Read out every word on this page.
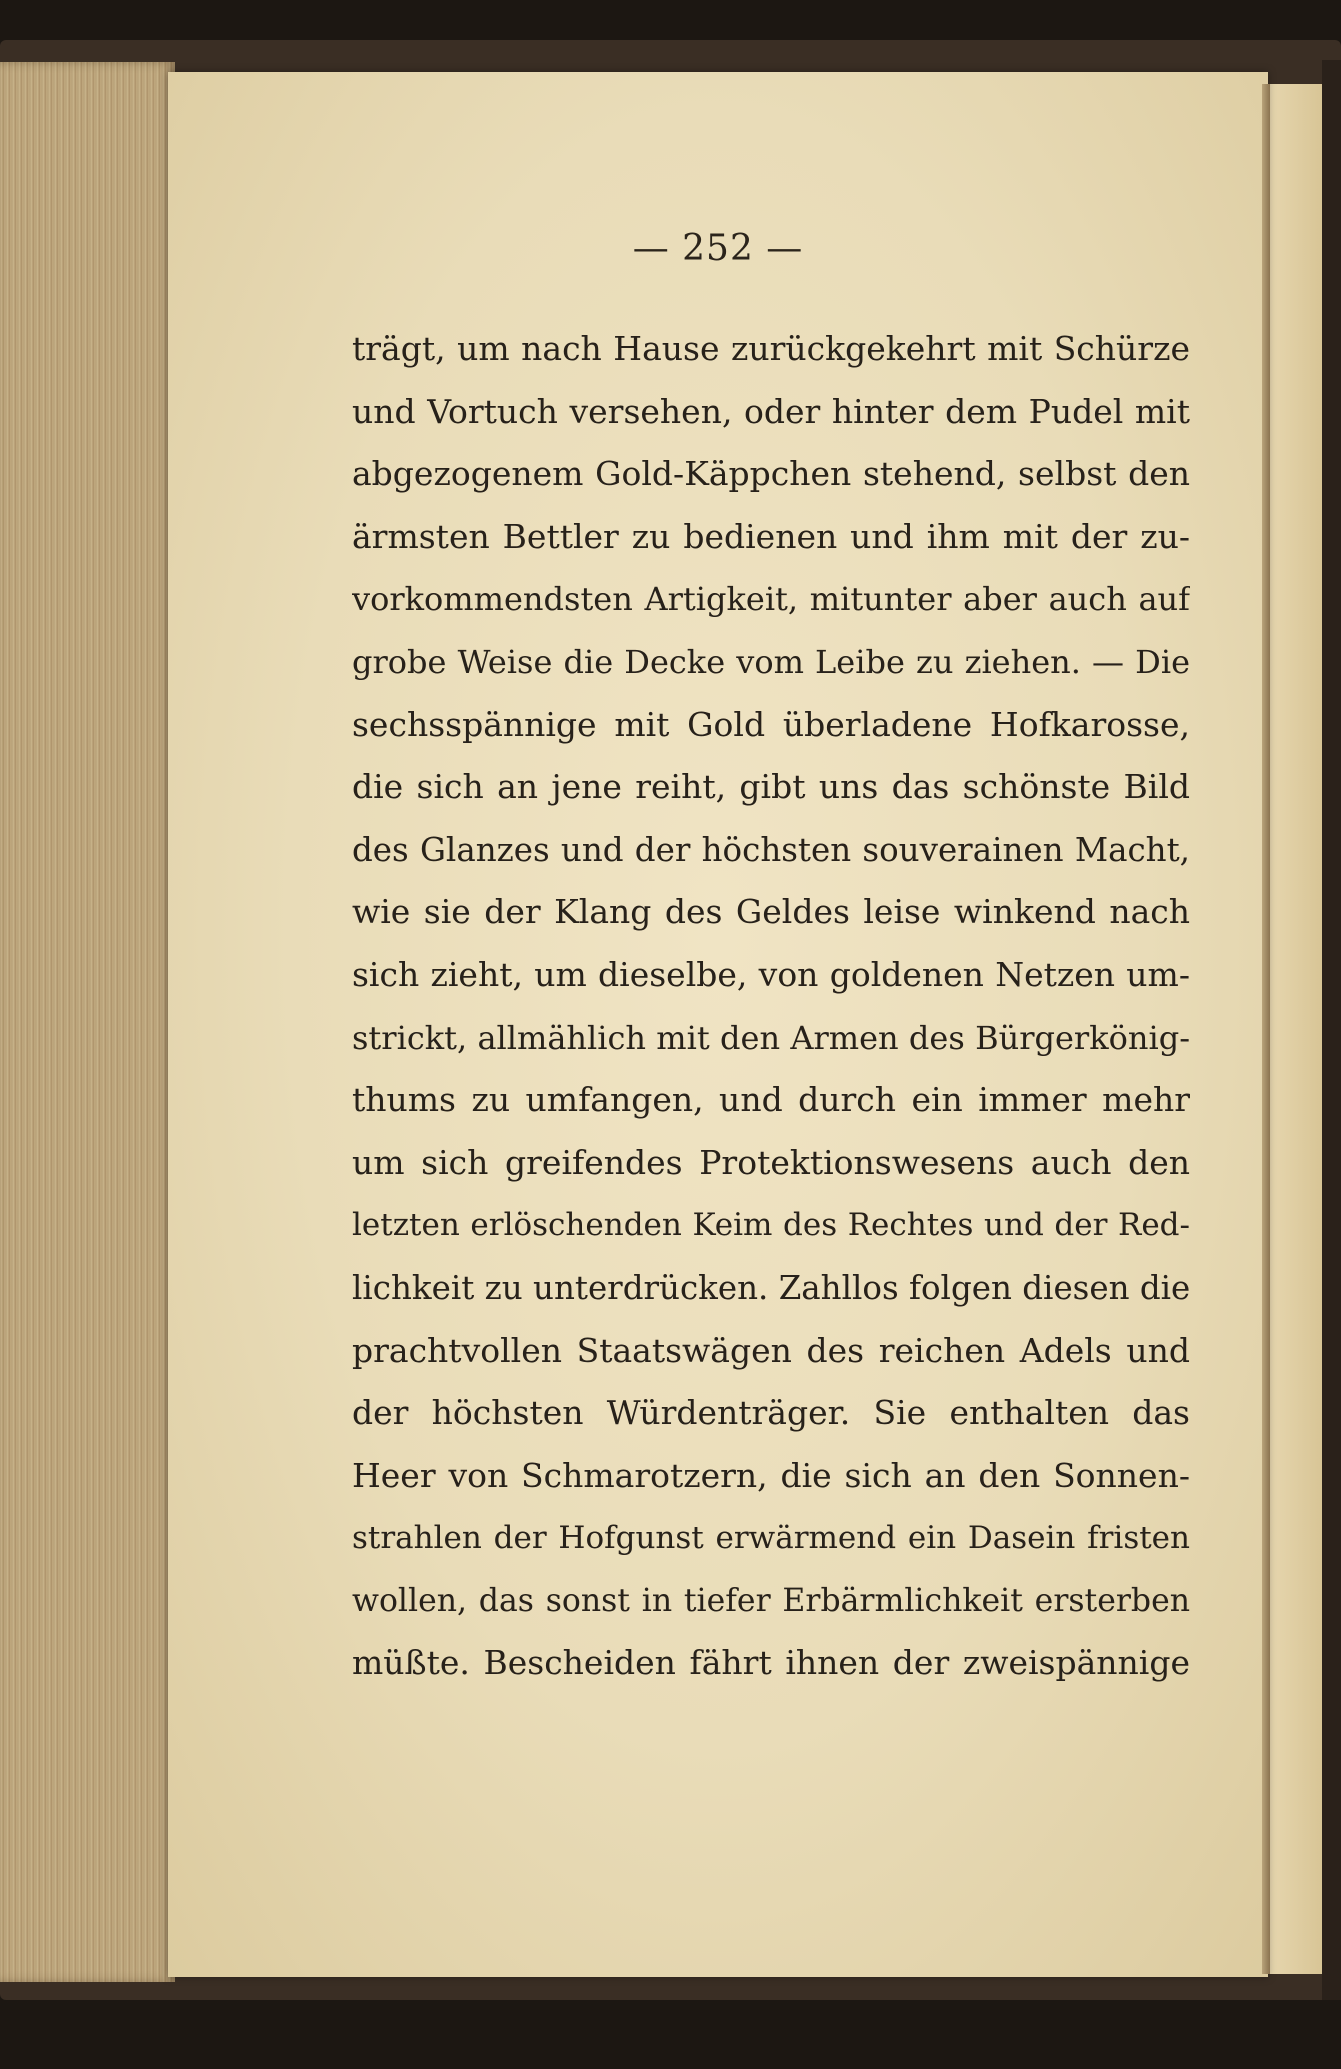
— 252 —
trägt, um nach Hause zurückgekehrt mit Schürze
und Vortuch versehen, oder hinter dem Pudel mit
abgezogenem Gold-Käppchen stehend, selbst den
ärmsten Bettler zu bedienen und ihm mit der zu-
vorkommendsten Artigkeit, mitunter aber auch auf
grobe Weise die Decke vom Leibe zu ziehen. — Die
sechsspännige mit Gold überladene Hofkarosse,
die sich an jene reiht, gibt uns das schönste Bild
des Glanzes und der höchsten souverainen Macht,
wie sie der Klang des Geldes leise winkend nach
sich zieht, um dieselbe, von goldenen Netzen um-
strickt, allmählich mit den Armen des Bürgerkönig-
thums zu umfangen, und durch ein immer mehr
um sich greifendes Protektionswesens auch den
letzten erlöschenden Keim des Rechtes und der Red-
lichkeit zu unterdrücken. Zahllos folgen diesen die
prachtvollen Staatswägen des reichen Adels und
der höchsten Würdenträger. Sie enthalten das
Heer von Schmarotzern, die sich an den Sonnen-
strahlen der Hofgunst erwärmend ein Dasein fristen
wollen, das sonst in tiefer Erbärmlichkeit ersterben
müßte. Bescheiden fährt ihnen der zweispännige
